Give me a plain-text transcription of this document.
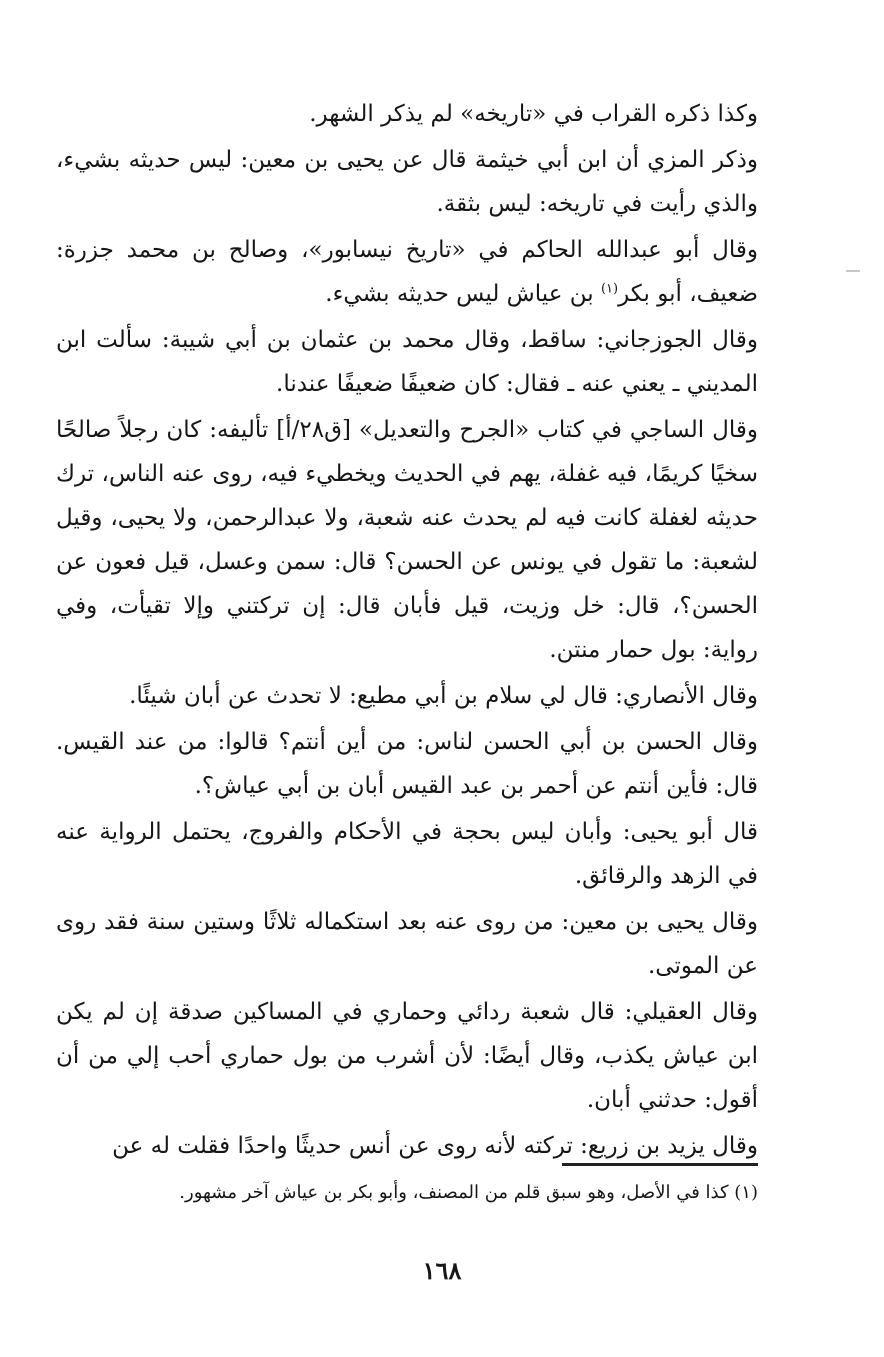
وكذا ذكره القراب في «تاريخه» لم يذكر الشهر.

وذكر المزي أن ابن أبي خيثمة قال عن يحيى بن معين: ليس حديثه بشيء، والذي رأيت في تاريخه: ليس بثقة.

وقال أبو عبدالله الحاكم في «تاريخ نيسابور»، وصالح بن محمد جزرة: ضعيف، أبو بكر$^{(١)}$ بن عياش ليس حديثه بشيء.

وقال الجوزجاني: ساقط، وقال محمد بن عثمان بن أبي شيبة: سألت ابن المديني ـ يعني عنه ـ فقال: كان ضعيفًا ضعيفًا عندنا.

وقال الساجي في كتاب «الجرح والتعديل» [ق٢٨/أ] تأليفه: كان رجلاً صالحًا سخيًا كريمًا، فيه غفلة، يهم في الحديث ويخطيء فيه، روى عنه الناس، ترك حديثه لغفلة كانت فيه لم يحدث عنه شعبة، ولا عبدالرحمن، ولا يحيى، وقيل لشعبة: ما تقول في يونس عن الحسن؟ قال: سمن وعسل، قيل فعون عن الحسن؟، قال: خل وزيت، قيل فأبان قال: إن تركتني وإلا تقيأت، وفي رواية: بول حمار منتن.

وقال الأنصاري: قال لي سلام بن أبي مطيع: لا تحدث عن أبان شيئًا.

وقال الحسن بن أبي الحسن لناس: من أين أنتم؟ قالوا: من عند القيس. قال: فأين أنتم عن أحمر بن عبد القيس أبان بن أبي عياش؟.

قال أبو يحيى: وأبان ليس بحجة في الأحكام والفروج، يحتمل الرواية عنه في الزهد والرقائق.

وقال يحيى بن معين: من روى عنه بعد استكماله ثلاثًا وستين سنة فقد روى عن الموتى.

وقال العقيلي: قال شعبة ردائي وحماري في المساكين صدقة إن لم يكن ابن عياش يكذب، وقال أيضًا: لأن أشرب من بول حماري أحب إلي من أن أقول: حدثني أبان.

وقال يزيد بن زريع: تركته لأنه روى عن أنس حديثًا واحدًا فقلت له عن

(١) كذا في الأصل، وهو سبق قلم من المصنف، وأبو بكر بن عياش آخر مشهور.
١٦٨
